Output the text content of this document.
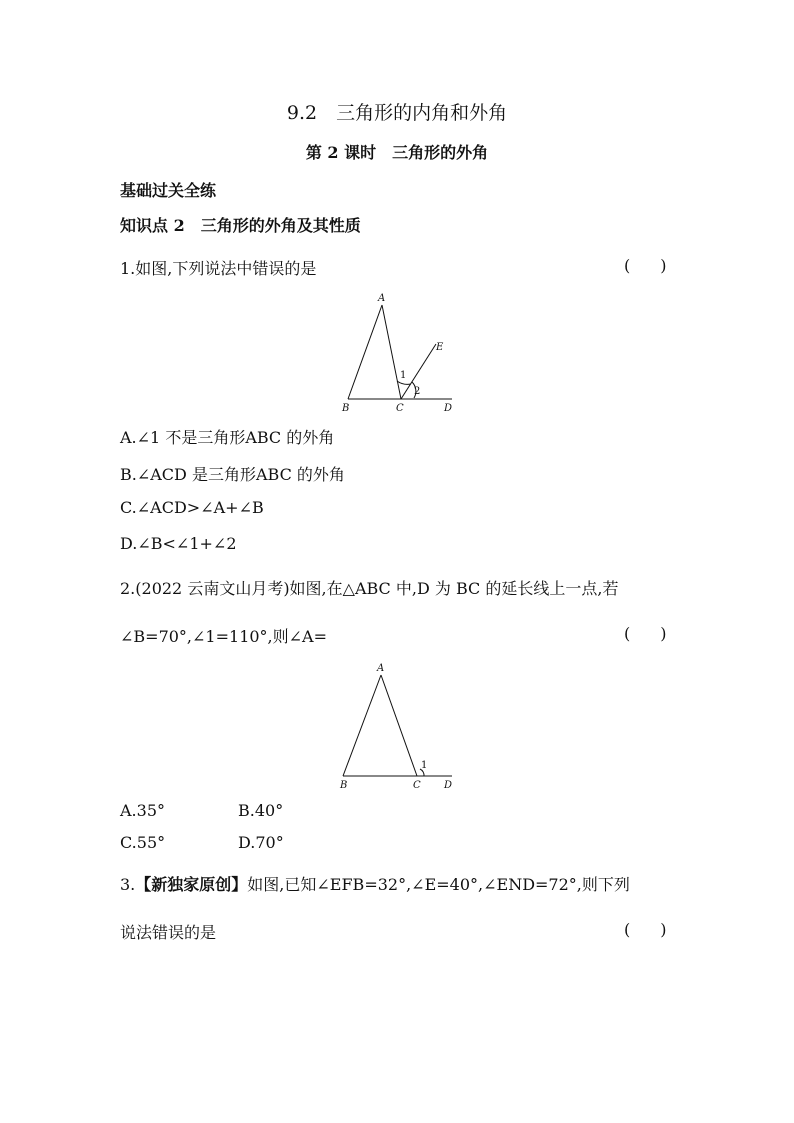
9.2　三角形的内角和外角
第 2 课时　三角形的外角
基础过关全练
知识点 2　三角形的外角及其性质
1.如图,下列说法中错误的是	( )
A
B	C	D
E
1
2
A.∠1 不是三角形ABC 的外角
B.∠ACD 是三角形ABC 的外角
C.∠ACD>∠A+∠B
D.∠B<∠1+∠2
2.(2022 云南文山月考)如图,在△ABC 中,D 为 BC 的延长线上一点,若
∠B=70°,∠1=110°,则∠A=	( )
A
B	C D
1
A.35°	B.40°
C.55°	D.70°
3.【新独家原创】如图,已知∠EFB=32°,∠E=40°,∠END=72°,则下列
说法错误的是	( )
